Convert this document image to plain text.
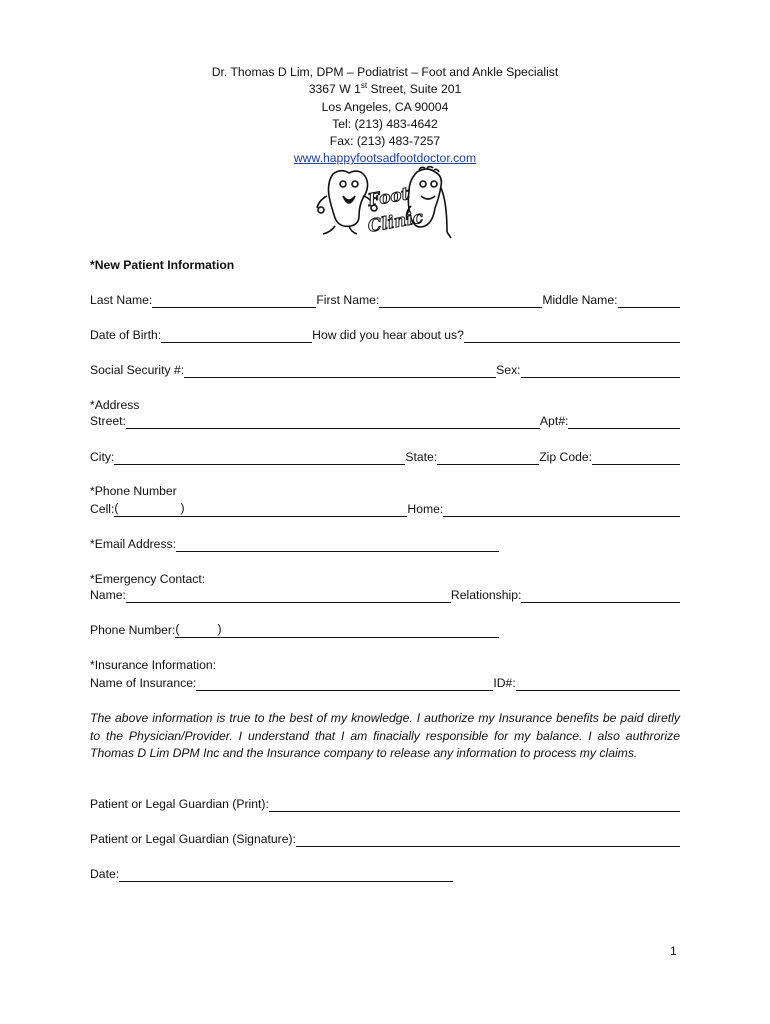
Dr. Thomas D Lim, DPM – Podiatrist – Foot and Ankle Specialist
3367 W 1st Street, Suite 201
Los Angeles, CA 90004
Tel: (213) 483-4642
Fax: (213) 483-7257
www.happyfootsadfootdoctor.com
Foot
Clinic
*New Patient Information
Last Name:	First Name:	Middle Name:
Date of Birth:	How did you hear about us?
Social Security #:	Sex:
*Address
Street:	Apt#:
City:	State:	Zip Code:
*Phone Number
Cell: (	)	Home:
*Email Address:
*Emergency Contact:
Name:	Relationship:
Phone Number: (	)
*Insurance Information:
Name of Insurance:	ID#:
The above information is true to the best of my knowledge. I authorize my Insurance benefits be paid diretly to the Physician/Provider. I understand that I am finacially responsible for my balance. I also authrorize Thomas D Lim DPM Inc and the Insurance company to release any information to process my claims.
Patient or Legal Guardian (Print):
Patient or Legal Guardian (Signature):
Date:
1
